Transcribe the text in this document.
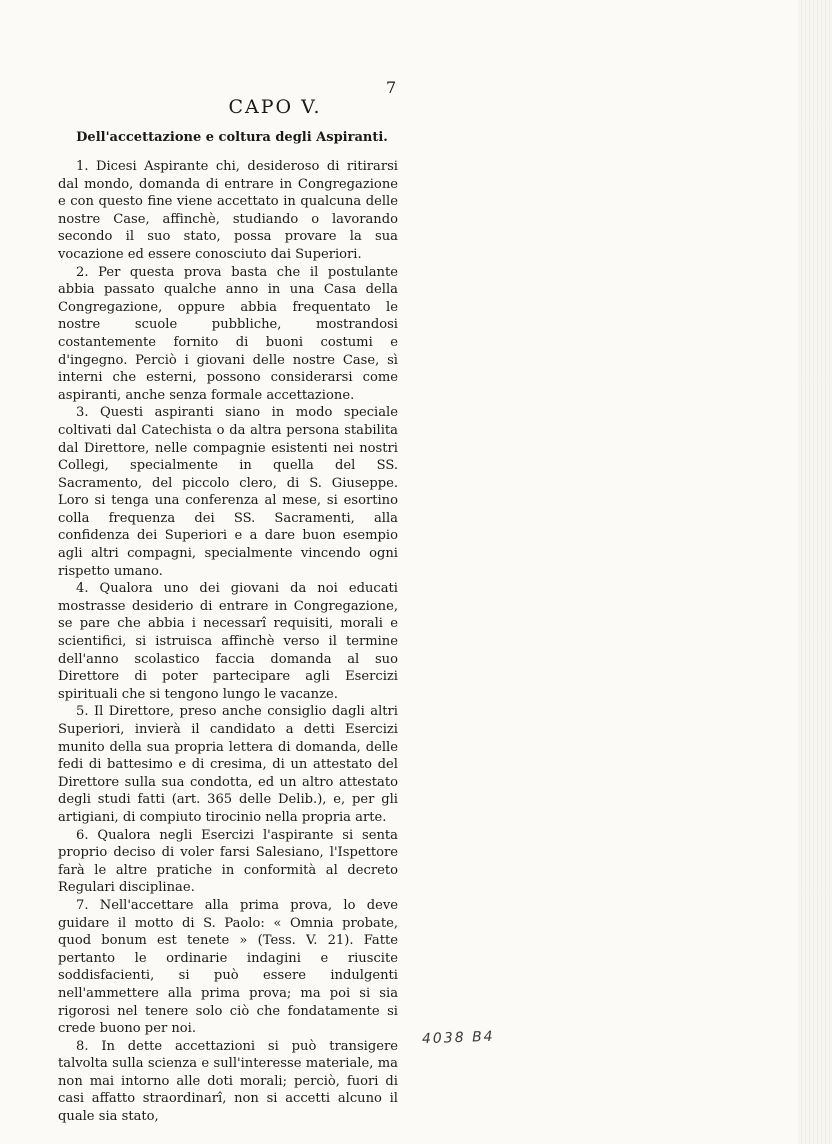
7
CAPO V.
Dell'accettazione e coltura degli Aspiranti.

1. Dicesi Aspirante chi, desideroso di ritirarsi dal mondo, domanda di entrare in Congregazione e con questo fine viene accettato in qualcuna delle nostre Case, affinchè, studiando o lavorando secondo il suo stato, possa provare la sua vocazione ed essere conosciuto dai Superiori.

2. Per questa prova basta che il postulante abbia passato qualche anno in una Casa della Congregazione, oppure abbia frequentato le nostre scuole pubbliche, mostrandosi costantemente fornito di buoni costumi e d'ingegno. Perciò i giovani delle nostre Case, sì interni che esterni, possono considerarsi come aspiranti, anche senza formale accettazione.

3. Questi aspiranti siano in modo speciale coltivati dal Catechista o da altra persona stabilita dal Direttore, nelle compagnie esistenti nei nostri Collegi, specialmente in quella del SS. Sacramento, del piccolo clero, di S. Giuseppe. Loro si tenga una conferenza al mese, si esortino colla frequenza dei SS. Sacramenti, alla confidenza dei Superiori e a dare buon esempio agli altri compagni, specialmente vincendo ogni rispetto umano.

4. Qualora uno dei giovani da noi educati mostrasse desiderio di entrare in Congregazione, se pare che abbia i necessarî requisiti, morali e scientifici, si istruisca affinchè verso il termine dell'anno scolastico faccia domanda al suo Direttore di poter partecipare agli Esercizi spirituali che si tengono lungo le vacanze.

5. Il Direttore, preso anche consiglio dagli altri Superiori, invierà il candidato a detti Esercizi munito della sua propria lettera di domanda, delle fedi di battesimo e di cresima, di un attestato del Direttore sulla sua condotta, ed un altro attestato degli studi fatti (art. 365 delle Delib.), e, per gli artigiani, di compiuto tirocinio nella propria arte.

6. Qualora negli Esercizi l'aspirante si senta proprio deciso di voler farsi Salesiano, l'Ispettore farà le altre pratiche in conformità al decreto Regulari disciplinae.

7. Nell'accettare alla prima prova, lo deve guidare il motto di S. Paolo: « Omnia probate, quod bonum est tenete » (Tess. V. 21). Fatte pertanto le ordinarie indagini e riuscite soddisfacienti, si può essere indulgenti nell'ammettere alla prima prova; ma poi si sia rigorosi nel tenere solo ciò che fondatamente si crede buono per noi.

8. In dette accettazioni si può transigere talvolta sulla scienza e sull'interesse materiale, ma non mai intorno alle doti morali; perciò, fuori di casi affatto straordinarî, non si accetti alcuno il quale sia stato,

4038 B4
